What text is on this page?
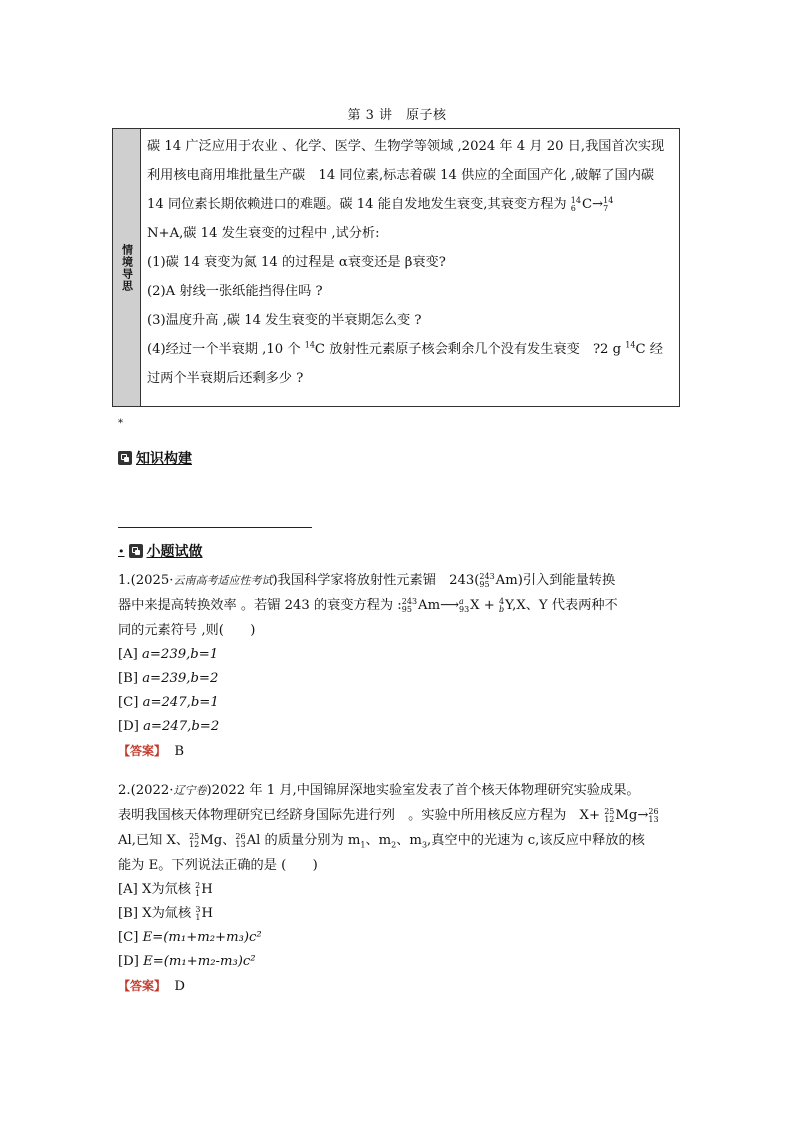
第 3 讲　原子核
情境导思
碳 14 广泛应用于农业 、化学、医学、生物学等领域 ,2024 年 4 月 20 日,我国首次实现
利用核电商用堆批量生产碳　14 同位素,标志着碳 14 供应的全面国产化 ,破解了国内碳
14 同位素长期依赖进口的难题。碳 14 能自发地发生衰变,其衰变方程为 14
6 C→ 14
7
N+A,碳 14 发生衰变的过程中 ,试分析:
(1)碳 14 衰变为氮 14 的过程是 α衰变还是 β衰变?
(2)A 射线一张纸能挡得住吗 ?
(3)温度升高 ,碳 14 发生衰变的半衰期怎么变 ?
(4)经过一个半衰期 ,10 个 $^{14}$C 放射性元素原子核会剩余几个没有发生衰变　?2 g $^{14}$C 经
过两个半衰期后还剩多少 ?
*
知识构建
• 小题试做
1.(2025·云南高考适应性考试)我国科学家将放射性元素镅　243( 243
95 Am)引入到能量转换
器中来提高转换效率 。若镅 243 的衰变方程为 : 243
95 Am⟶ a
93 X + 4
b Y,X、Y 代表两种不
同的元素符号 ,则(　　)
[A] a=239,b=1
[B] a=239,b=2
[C] a=247,b=1
[D] a=247,b=2
【答案】 B
2.(2022·辽宁卷)2022 年 1 月,中国锦屏深地实验室发表了首个核天体物理研究实验成果。
表明我国核天体物理研究已经跻身国际先进行列　。实验中所用核反应方程为　X+ 25
12 Mg→ 26
13
Al,已知 X、 25
12 Mg、 26
13 Al 的质量分别为 $m_1$、$m_2$、$m_3$,真空中的光速为 c,该反应中释放的核
能为 E。下列说法正确的是 (　　)
[A] X为氘核 2
1 H
[B] X为氚核 3
1 H
[C] E=(m₁+m₂+m₃)c²
[D] E=(m₁+m₂-m₃)c²
【答案】 D
